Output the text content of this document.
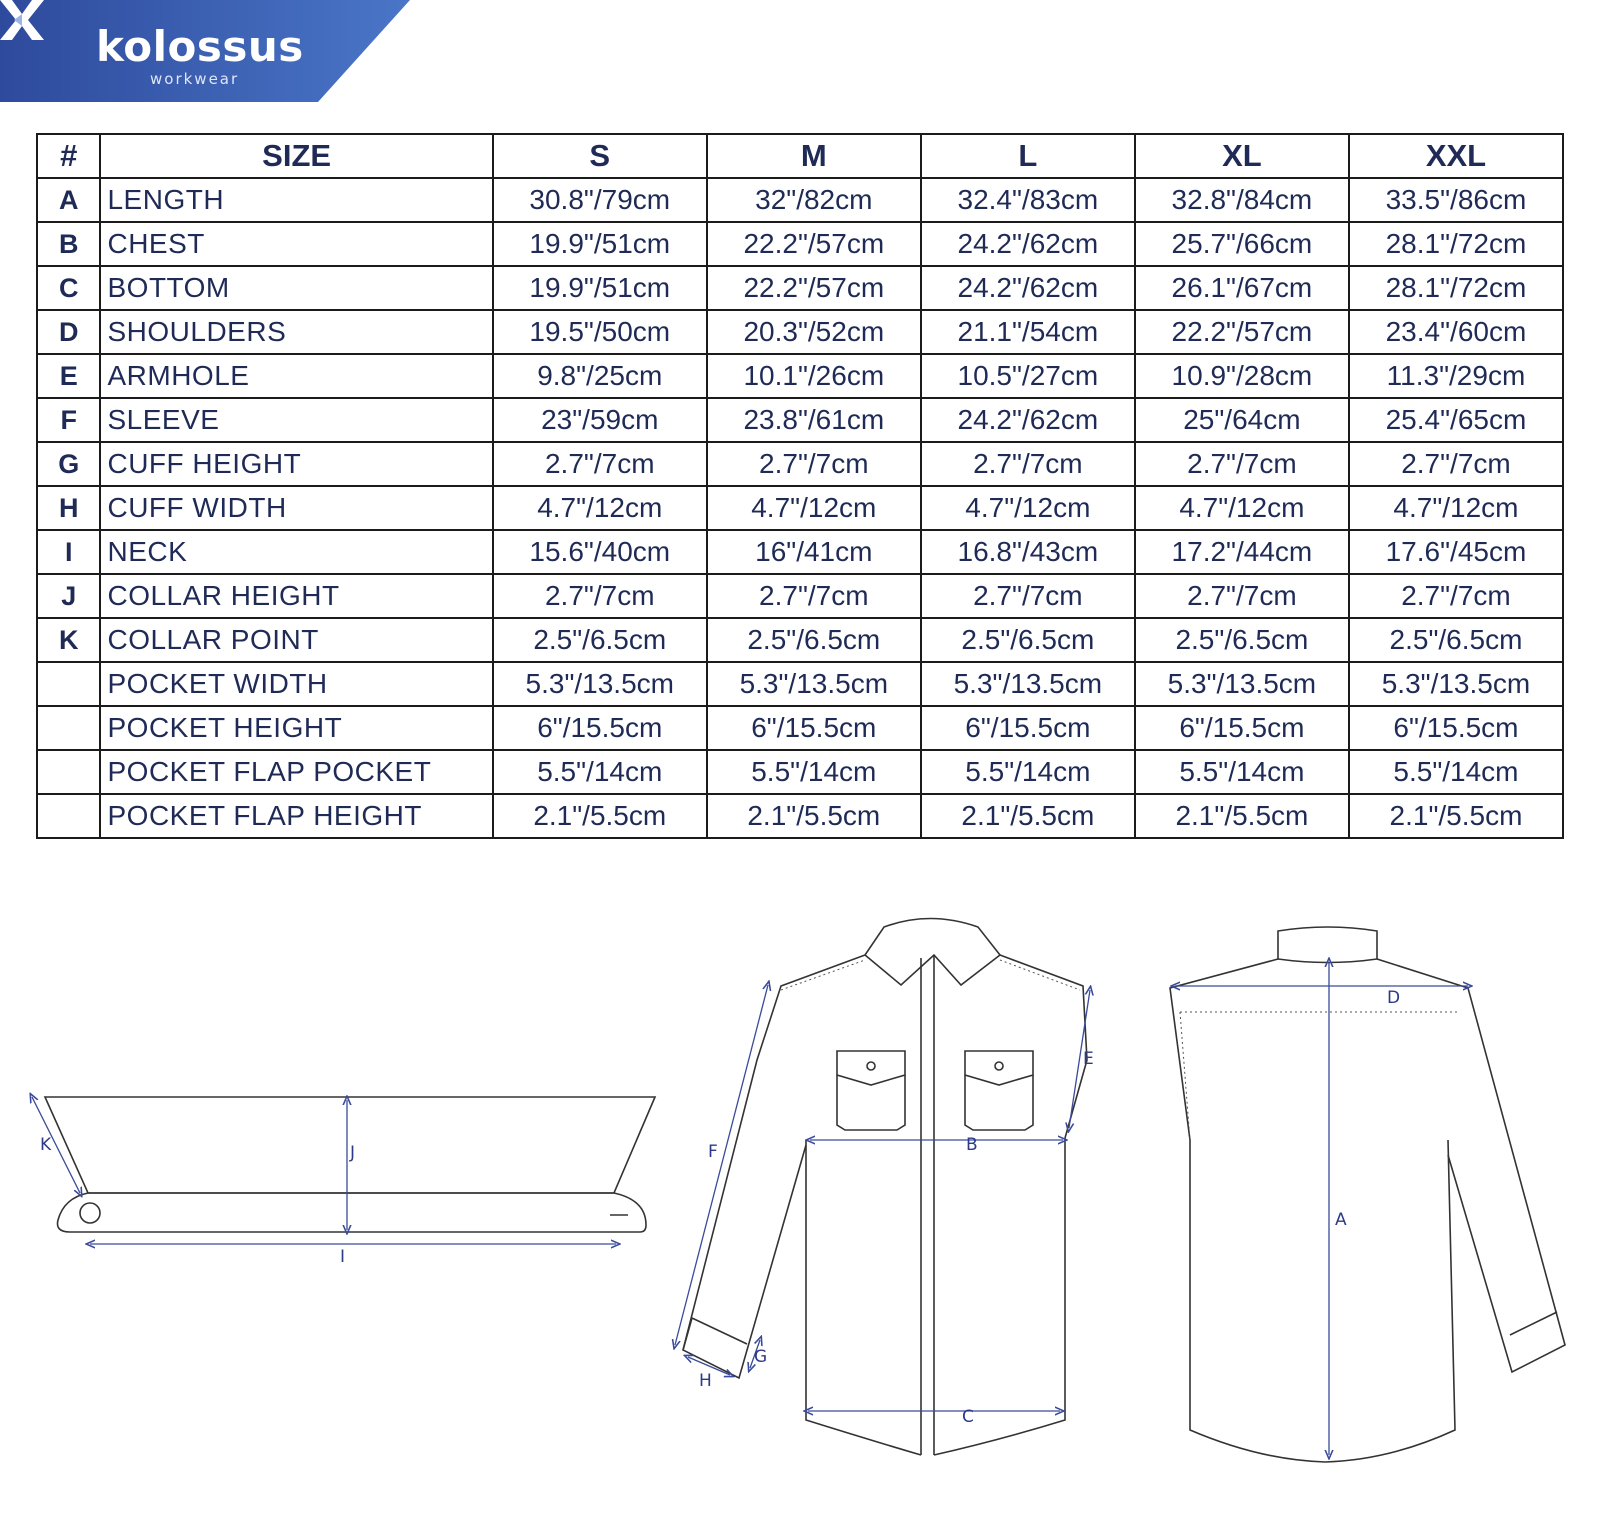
kolossus
workwear
#	SIZE	S	M	L	XL	XXL
A	LENGTH	30.8"/79cm	32"/82cm	32.4"/83cm	32.8"/84cm	33.5"/86cm
B	CHEST	19.9"/51cm	22.2"/57cm	24.2"/62cm	25.7"/66cm	28.1"/72cm
C	BOTTOM	19.9"/51cm	22.2"/57cm	24.2"/62cm	26.1"/67cm	28.1"/72cm
D	SHOULDERS	19.5"/50cm	20.3"/52cm	21.1"/54cm	22.2"/57cm	23.4"/60cm
E	ARMHOLE	9.8"/25cm	10.1"/26cm	10.5"/27cm	10.9"/28cm	11.3"/29cm
F	SLEEVE	23"/59cm	23.8"/61cm	24.2"/62cm	25"/64cm	25.4"/65cm
G	CUFF HEIGHT	2.7"/7cm	2.7"/7cm	2.7"/7cm	2.7"/7cm	2.7"/7cm
H	CUFF WIDTH	4.7"/12cm	4.7"/12cm	4.7"/12cm	4.7"/12cm	4.7"/12cm
I	NECK	15.6"/40cm	16"/41cm	16.8"/43cm	17.2"/44cm	17.6"/45cm
J	COLLAR HEIGHT	2.7"/7cm	2.7"/7cm	2.7"/7cm	2.7"/7cm	2.7"/7cm
K	COLLAR POINT	2.5"/6.5cm	2.5"/6.5cm	2.5"/6.5cm	2.5"/6.5cm	2.5"/6.5cm
	POCKET WIDTH	5.3"/13.5cm	5.3"/13.5cm	5.3"/13.5cm	5.3"/13.5cm	5.3"/13.5cm
	POCKET HEIGHT	6"/15.5cm	6"/15.5cm	6"/15.5cm	6"/15.5cm	6"/15.5cm
	POCKET FLAP POCKET	5.5"/14cm	5.5"/14cm	5.5"/14cm	5.5"/14cm	5.5"/14cm
	POCKET FLAP HEIGHT	2.1"/5.5cm	2.1"/5.5cm	2.1"/5.5cm	2.1"/5.5cm	2.1"/5.5cm
K	J
I
F
E
B
C
G
H
D
A
